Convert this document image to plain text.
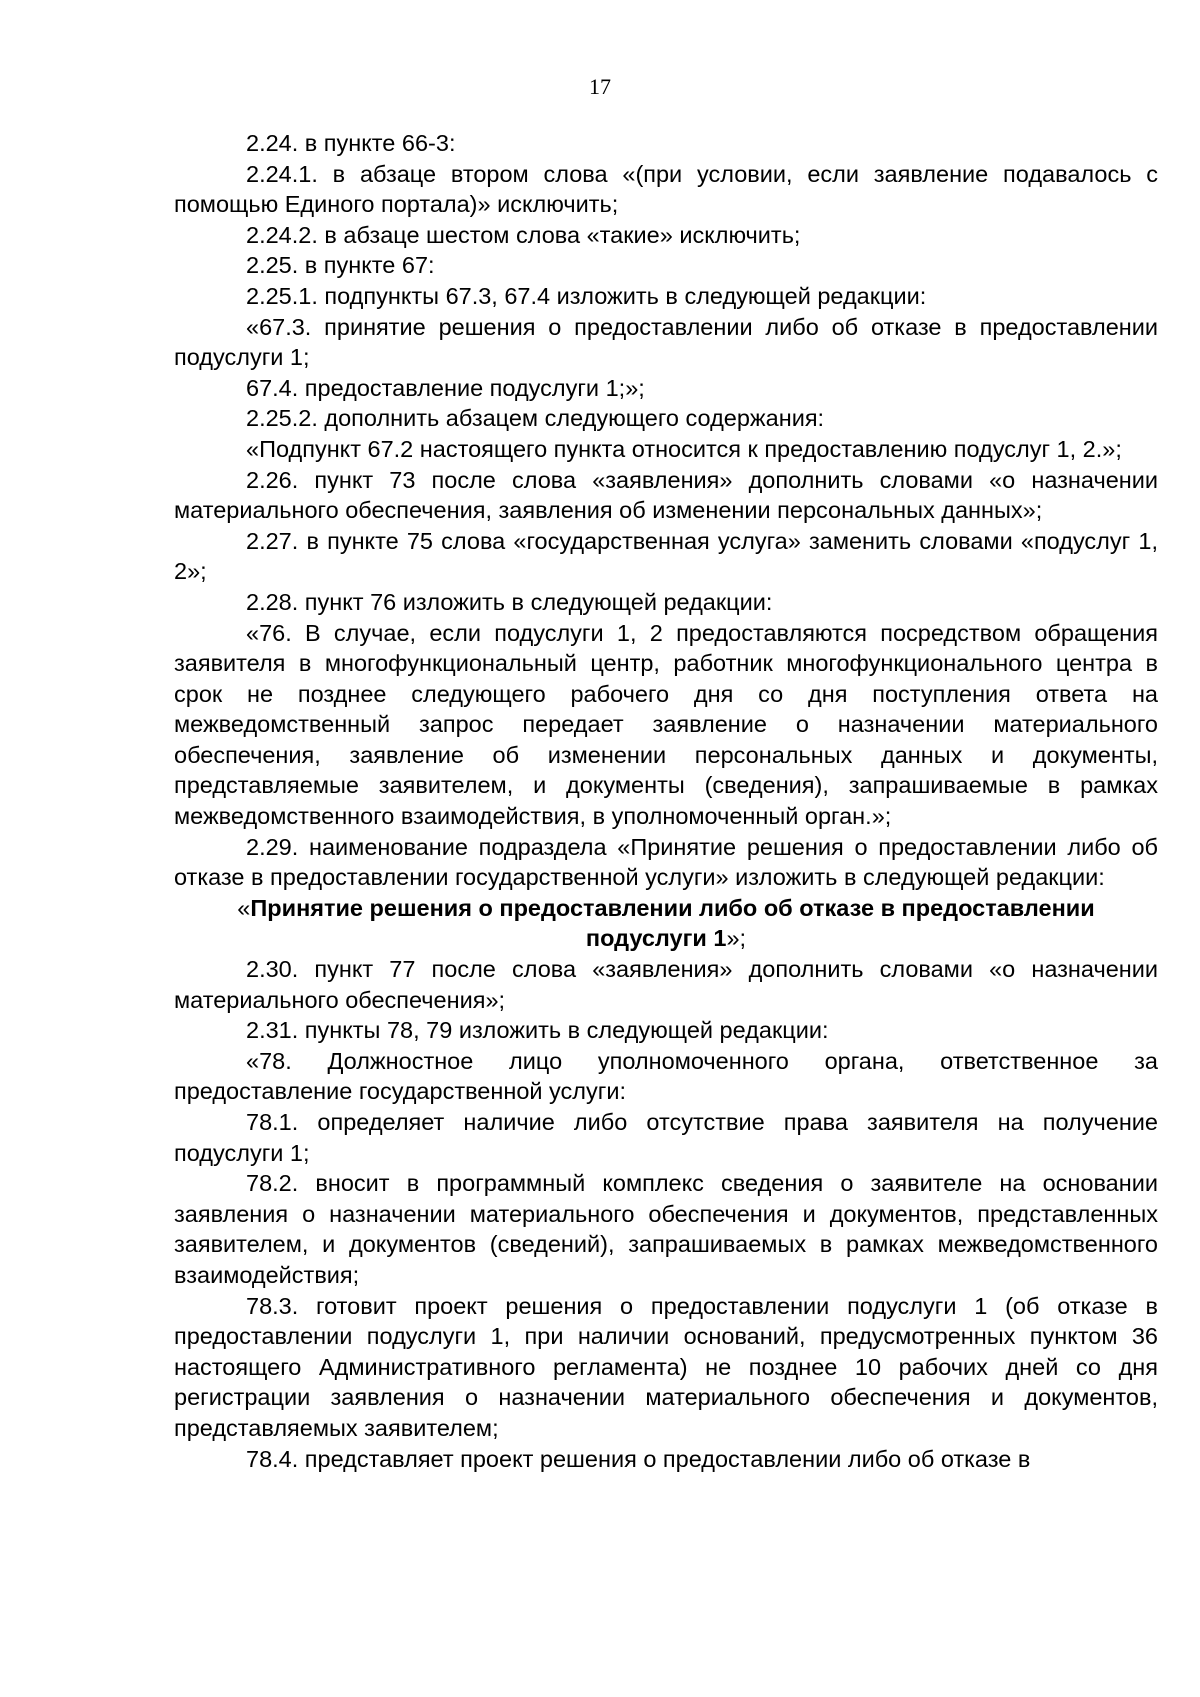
17

2.24. в пункте 66-3:

2.24.1. в абзаце втором слова «(при условии, если заявление подавалось с помощью Единого портала)» исключить;

2.24.2. в абзаце шестом слова «такие» исключить;

2.25. в пункте 67:

2.25.1. подпункты 67.3, 67.4 изложить в следующей редакции:

«67.3. принятие решения о предоставлении либо об отказе в предоставлении подуслуги 1;

67.4. предоставление подуслуги 1;»;

2.25.2. дополнить абзацем следующего содержания:

«Подпункт 67.2 настоящего пункта относится к предоставлению подуслуг 1, 2.»;

2.26. пункт 73 после слова «заявления» дополнить словами «о назначении материального обеспечения, заявления об изменении персональных данных»;

2.27. в пункте 75 слова «государственная услуга» заменить словами «подуслуг 1, 2»;

2.28. пункт 76 изложить в следующей редакции:

«76. В случае, если подуслуги 1, 2 предоставляются посредством обращения заявителя в многофункциональный центр, работник многофункционального центра в срок не позднее следующего рабочего дня со дня поступления ответа на межведомственный запрос передает заявление о назначении материального обеспечения, заявление об изменении персональных данных и документы, представляемые заявителем, и документы (сведения), запрашиваемые в рамках межведомственного взаимодействия, в уполномоченный орган.»;

2.29. наименование подраздела «Принятие решения о предоставлении либо об отказе в предоставлении государственной услуги» изложить в следующей редакции:

«Принятие решения о предоставлении либо об отказе в предоставлении подуслуги 1»;

2.30. пункт 77 после слова «заявления» дополнить словами «о назначении материального обеспечения»;

2.31. пункты 78, 79 изложить в следующей редакции:

«78. Должностное лицо уполномоченного органа, ответственное за предоставление государственной услуги:

78.1. определяет наличие либо отсутствие права заявителя на получение подуслуги 1;

78.2. вносит в программный комплекс сведения о заявителе на основании заявления о назначении материального обеспечения и документов, представленных заявителем, и документов (сведений), запрашиваемых в рамках межведомственного взаимодействия;

78.3. готовит проект решения о предоставлении подуслуги 1 (об отказе в предоставлении подуслуги 1, при наличии оснований, предусмотренных пунктом 36 настоящего Административного регламента) не позднее 10 рабочих дней со дня регистрации заявления о назначении материального обеспечения и документов, представляемых заявителем;

78.4. представляет проект решения о предоставлении либо об отказе в
